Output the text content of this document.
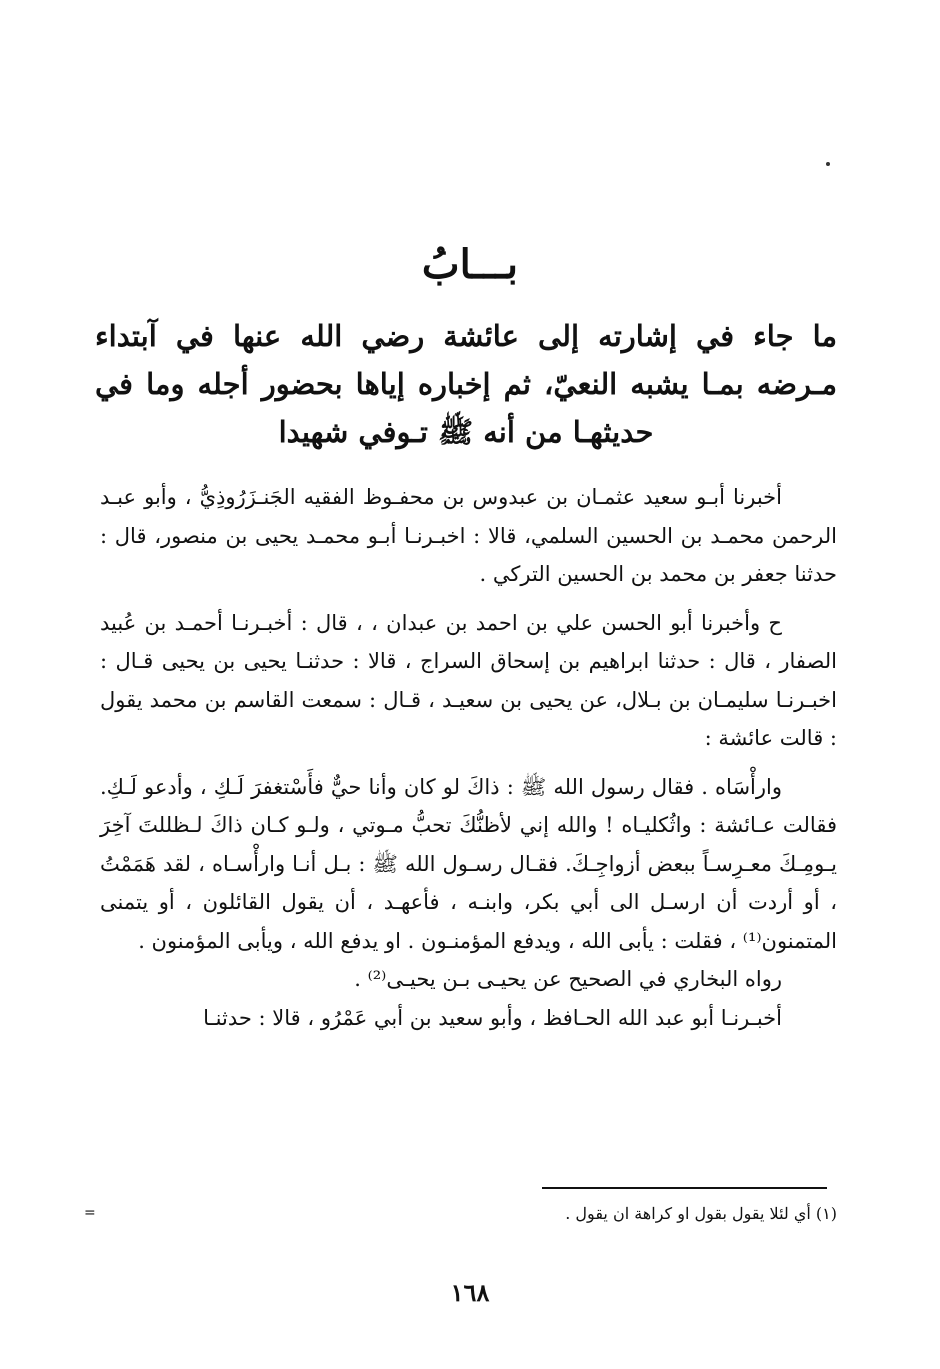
بـــابُ
ما جاء في إشارته إلى عائشة رضي الله عنها في آبتداء مـرضه بمـا يشبه النعيّ، ثم إخباره إياها بحضور أجله وما في حديثهـا من أنه ﷺ تـوفي شهيدا

أخبرنا أبـو سعيد عثمـان بن عبدوس بن محفـوظ الفقيه الجَنـزَرُوذِيُّ ، وأبو عبـد الرحمن محمـد بن الحسين السلمي، قالا : اخبـرنـا أبـو محمـد يحيى بن منصور، قال : حدثنا جعفر بن محمد بن الحسين التركي .

ح وأخبرنا أبو الحسن علي بن احمد بن عبدان ، ، قال : أخبـرنـا أحمـد بن عُبيد الصفار ، قال : حدثنا ابراهيم بن إسحاق السراج ، قالا : حدثنـا يحيى بن يحيى قـال : اخبـرنـا سليمـان بن بـلال، عن يحيى بن سعيـد ، قـال : سمعت القاسم بن محمد يقول : قالت عائشة :

وارأْسَاه . فقال رسول الله ﷺ : ذاكَ لو كان وأنا حيٌّ فأَسْتغفرَ لَـكِ ، وأدعو لَـكِ. فقالت عـائشة : واثُكليـاه ! والله إني لأظنُّكَ تحبُّ مـوتي ، ولـو كـان ذاكَ لـظللتَ آخِرَ يـومِـكَ معـرِسـاً ببعض أزواجِـكَ. فقـال رسـول الله ﷺ : بـل أنـا وارأْسـاه ، لقد هَمَمْتُ ، أو أردت أن ارسـل الى أبي بكر، وابنـه ، فأعهـد ، أن يقول القائلون ، أو يتمنى المتمنون⁽¹⁾ ، فقلت : يأبى الله ، ويدفع المؤمنـون . او يدفع الله ، ويأبى المؤمنون .

رواه البخاري في الصحيح عن يحيـى بـن يحيـى⁽²⁾ .

أخبـرنـا أبو عبد الله الحـافظ ، وأبو سعيد بن أبي عَمْرُو ، قالا : حدثنـا

(١) أي لئلا يقول بقول او كراهة ان يقول .
=
١٦٨
